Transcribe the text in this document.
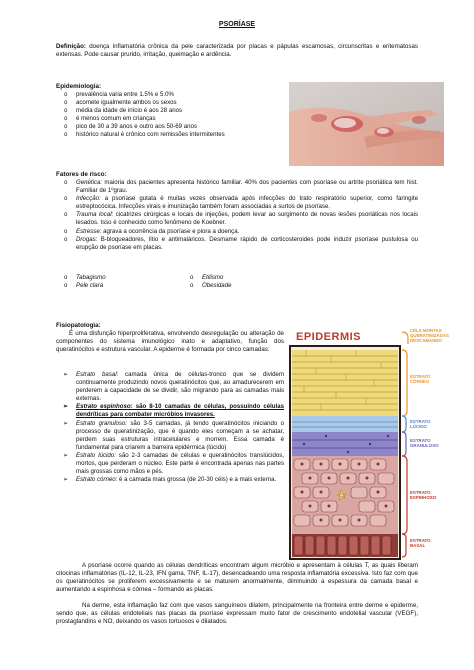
PSORÍASE
Definição: doença inflamatória crônica da pele caracterizada por placas e pápulas escamosas, circunscritas e eritematosas extensas. Pode causar prurido, irritação, queimação e ardência.
Epidemiologia:
o prevalência varia entre 1.5% e 5.0%
o acomete igualmente ambos os sexos
o média da idade de início é aos 28 anos
o é menos comum em crianças
o pico de 30 a 39 anos e outro aos 50-69 anos
o histórico natural é crônico com remissões intermitentes
Fatores de risco:
o Genética: maioria dos pacientes apresenta histórico familiar. 40% dos pacientes com psoríase ou artrite psoriática tem hist. Familiar de 1ºgrau.
o Infecção: a psoríase gutata é muitas vezes observada após infecções do trato respiratório superior, como faringite estreptocócica. Infecções virais e imunização também foram associadas a surtos de psoríase.
o Trauma local: cicatrizes cirúrgicas e locais de injeções, podem levar ao surgimento de novas lesões psoriáticas nos locais lesados. Isso é conhecido como fenômeno de Koebner.
o Estresse: agrava a ocorrência da psoríase e piora a doença.
o Drogas: B-bloqueadores, lítio e antimaláricos. Desmame rápido de corticosteroides pode induzir psoríase pustulosa ou erupção de psoríase em placas.
o Tabagismo	o Etilismo
o Pele clara	o Obesidade
Fisiopatologia:
É uma disfunção hiperproliferativa, envolvendo desregulação ou alteração de componentes do sistema imunológico inato e adaptativo, função dos queratinócitos e estrutura vascular. A epiderme é formada por cinco camadas:
➢ Estrato basal: camada única de células-tronco que se dividem continuamente produzindo novos queratinócitos que, ao amadurecerem em perderem a capacidade de se dividir, são migrando para as camadas mais externas.
➢ Estrato espinhoso: são 8-10 camadas de células, possuindo células dendríticas para combater micróbios invasores.
➢ Estrato granuloso: são 3-5 camadas, já tendo queratinócitos iniciando o processo de queratinização, que é quando eles começam a se achatar, perdem suas estruturas intracelulares e morrem. Essa camada é fundamental para criarem a barreira epidérmica (lúcido)
➢ Estrato lúcido: são 2-3 camadas de células e queratinócitos translúcidos, mortos, que perderam o núcleo. Este parte é encontrada apenas nas partes mais grossas como mãos e pés.
➢ Estrato córneo: é a camada mais grossa (de 20-30 céls) e a mais externa.
A psoríase ocorre quando as células dendríticas encontram algum micróbio e apresentam à células T, as quais liberam citocinas inflamatórias (IL-12, IL-23, IFN gama, TNF, IL-17), desencadeando uma resposta inflamatória excessiva. Isto faz com que os queratinócitos se proliferem excessivamente e se maturem anormalmente, diminuindo a espessura da camada basal e aumentando a espinhosa e córnea – formando as placas.
Na derme, esta inflamação faz com que vasos sanguíneos dilatem, principalmente na fronteira entre derme e epiderme, sendo que, as células endoteliais nas placas da psoríase expressam muito fator de crescimento endotelial vascular (VEGF), prostaglandins e NO, deixando os vasos tortuosos e dilatados.
EPIDERMIS
CÉLS MORTAS QUERATINIZADAS DESCAMANDO
ESTRATO CÓRNEO
ESTRATO LÚCIDO
ESTRATO GRANULOSO
ESTRATO ESPINHOSO
ESTRATO BASAL
